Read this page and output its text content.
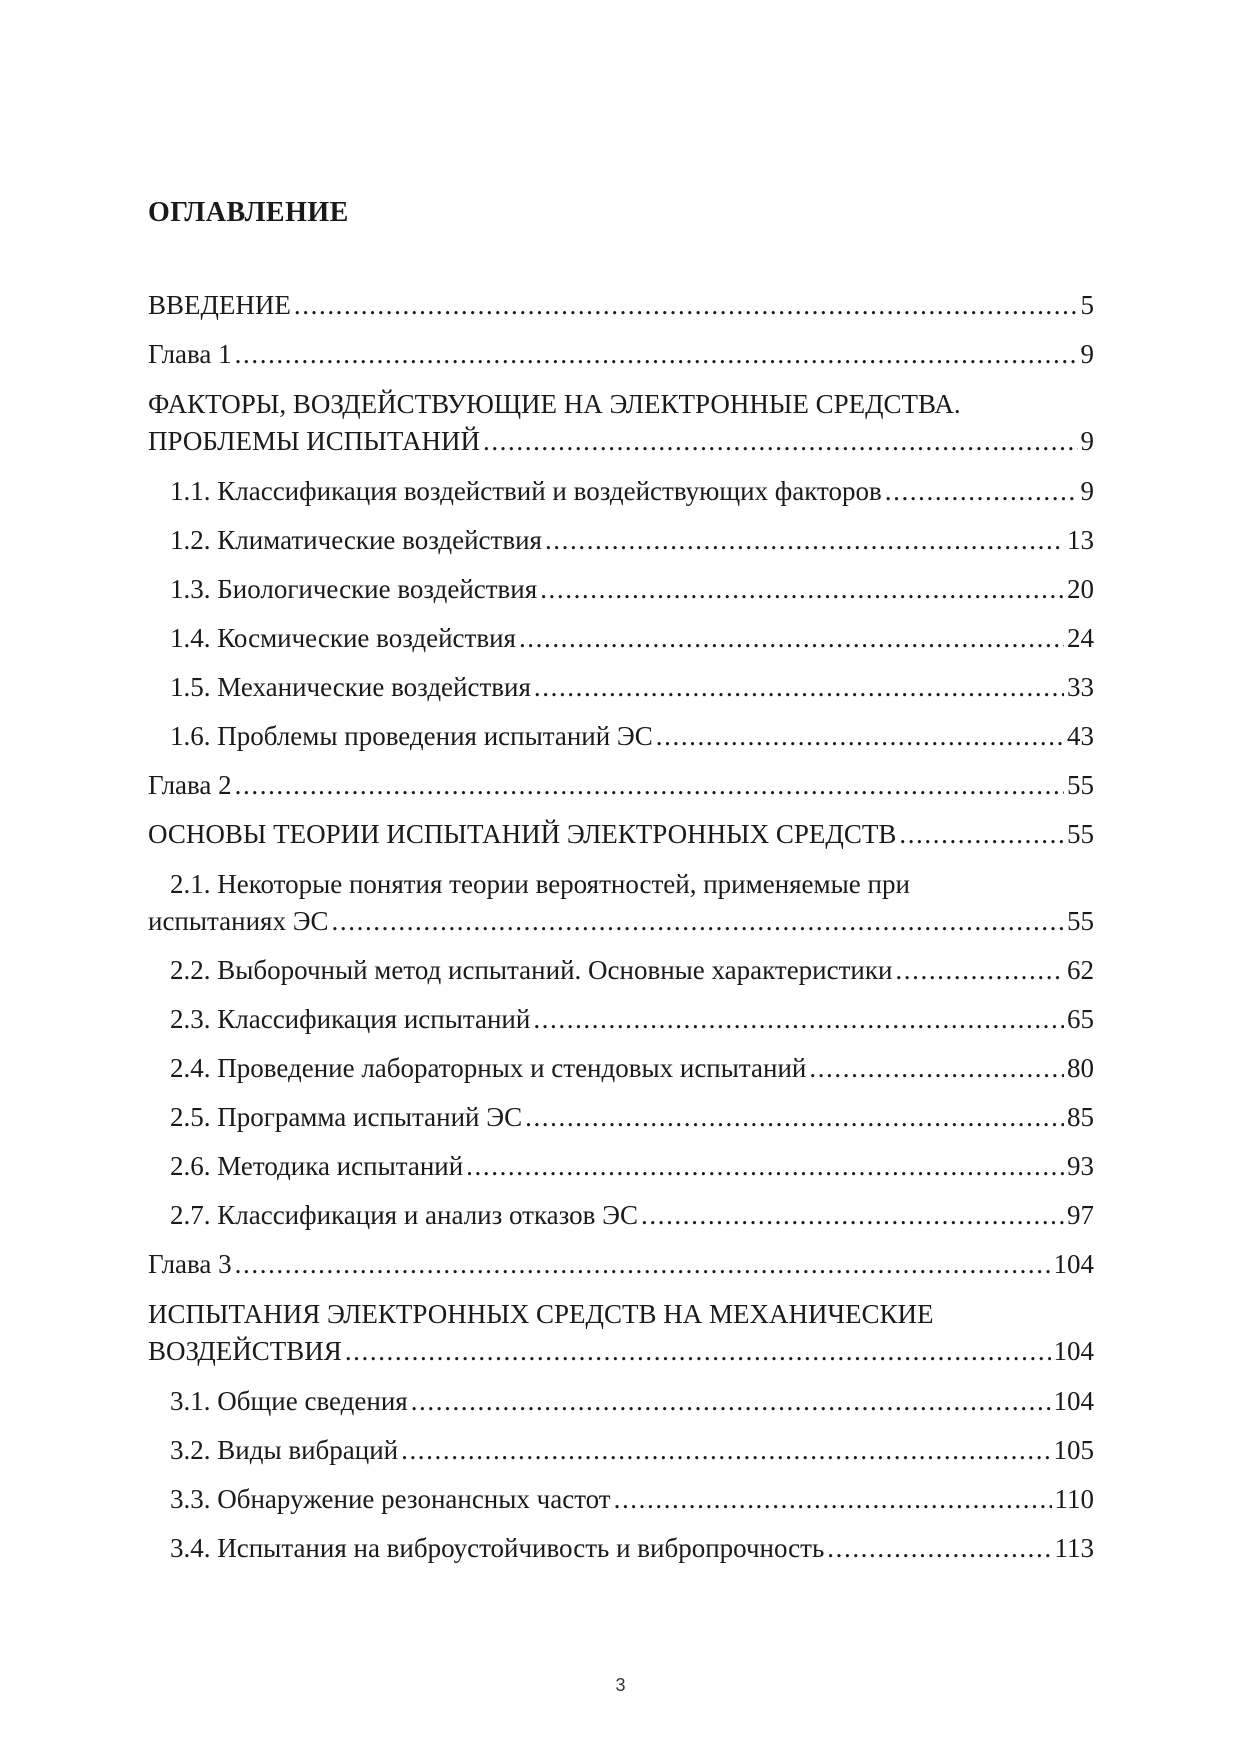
ОГЛАВЛЕНИЕ
ВВЕДЕНИЕ .....	5
Глава 1 .....	9
ФАКТОРЫ, ВОЗДЕЙСТВУЮЩИЕ НА ЭЛЕКТРОННЫЕ СРЕДСТВА.
ПРОБЛЕМЫ ИСПЫТАНИЙ .....	9
1.1. Классификация воздействий и воздействующих факторов .....	9
1.2. Климатические воздействия .....	13
1.3. Биологические воздействия .....	20
1.4. Космические воздействия .....	24
1.5. Механические воздействия .....	33
1.6. Проблемы проведения испытаний ЭС .....	43
Глава 2 .....	55
ОСНОВЫ ТЕОРИИ ИСПЫТАНИЙ ЭЛЕКТРОННЫХ СРЕДСТВ .....	55
2.1. Некоторые понятия теории вероятностей, применяемые при
испытаниях ЭС .....	55
2.2. Выборочный метод испытаний. Основные характеристики .....	62
2.3. Классификация испытаний .....	65
2.4. Проведение лабораторных и стендовых испытаний .....	80
2.5. Программа испытаний ЭС .....	85
2.6. Методика испытаний .....	93
2.7. Классификация и анализ отказов ЭС .....	97
Глава 3 .....	104
ИСПЫТАНИЯ ЭЛЕКТРОННЫХ СРЕДСТВ НА МЕХАНИЧЕСКИЕ
ВОЗДЕЙСТВИЯ .....	104
3.1. Общие сведения .....	104
3.2. Виды вибраций .....	105
3.3. Обнаружение резонансных частот .....	110
3.4. Испытания на виброустойчивость и вибропрочность .....	113
3
